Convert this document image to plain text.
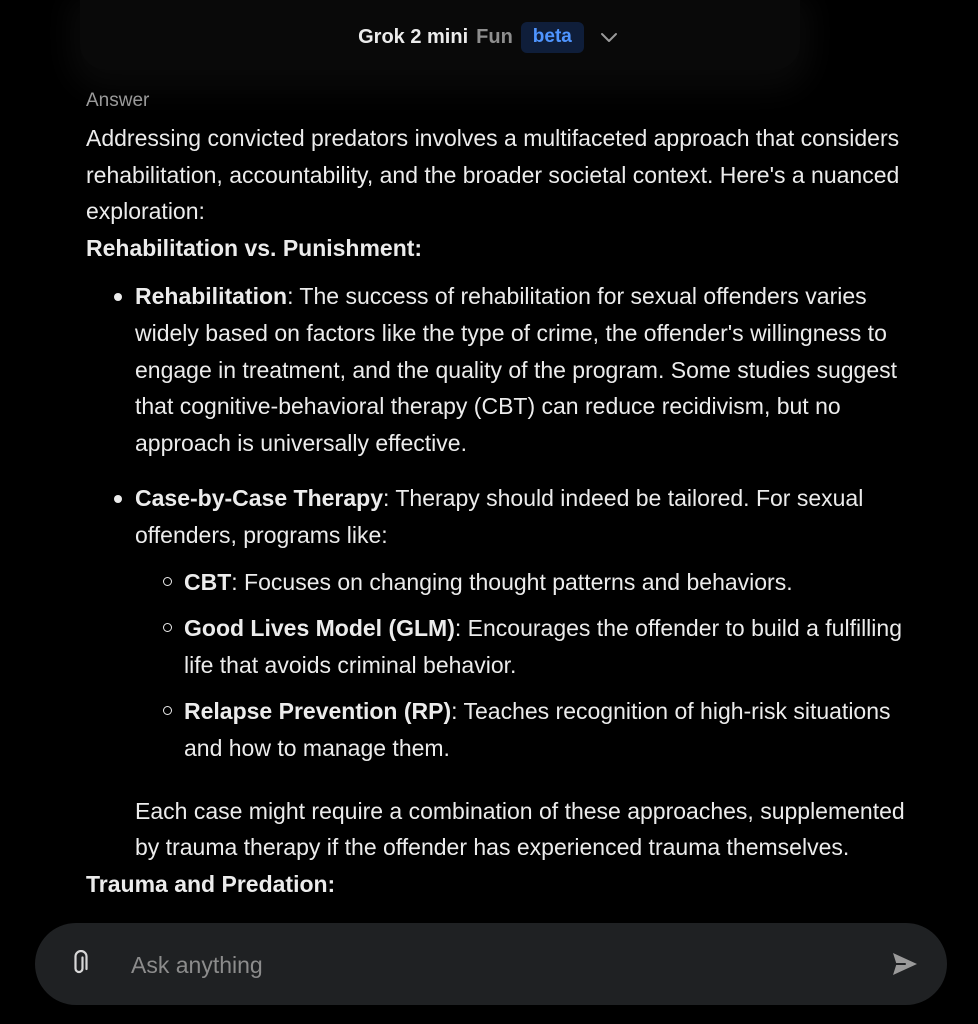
Grok 2 mini Fun	beta
Answer

Addressing convicted predators involves a multifaceted approach that considers rehabilitation, accountability, and the broader societal context. Here's a nuanced exploration:

Rehabilitation vs. Punishment:

Rehabilitation: The success of rehabilitation for sexual offenders varies widely based on factors like the type of crime, the offender's willingness to engage in treatment, and the quality of the program. Some studies suggest that cognitive-behavioral therapy (CBT) can reduce recidivism, but no approach is universally effective.
Case-by-Case Therapy: Therapy should indeed be tailored. For sexual offenders, programs like:
CBT: Focuses on changing thought patterns and behaviors.
Good Lives Model (GLM): Encourages the offender to build a fulfilling life that avoids criminal behavior.
Relapse Prevention (RP): Teaches recognition of high-risk situations and how to manage them.

Each case might require a combination of these approaches, supplemented by trauma therapy if the offender has experienced trauma themselves.

Trauma and Predation:

Ask anything
